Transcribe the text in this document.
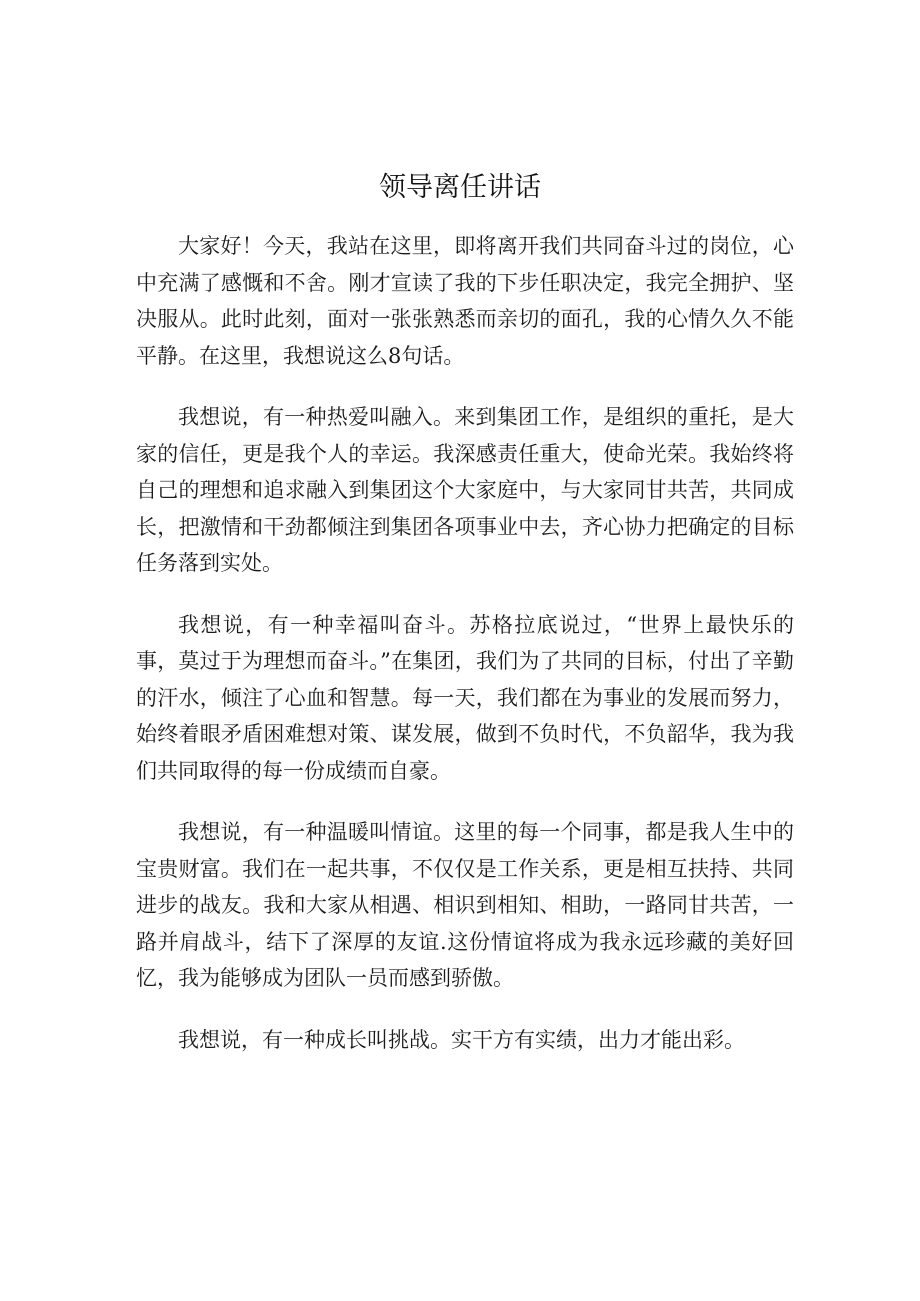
领导离任讲话

大家好！今天，我站在这里，即将离开我们共同奋斗过的岗位，心中充满了感慨和不舍。刚才宣读了我的下步任职决定，我完全拥护、坚决服从。此时此刻，面对一张张熟悉而亲切的面孔，我的心情久久不能平静。在这里，我想说这么8句话。

我想说，有一种热爱叫融入。来到集团工作，是组织的重托，是大家的信任，更是我个人的幸运。我深感责任重大，使命光荣。我始终将自己的理想和追求融入到集团这个大家庭中，与大家同甘共苦，共同成长，把激情和干劲都倾注到集团各项事业中去，齐心协力把确定的目标任务落到实处。

我想说，有一种幸福叫奋斗。苏格拉底说过，“世界上最快乐的事，莫过于为理想而奋斗。”在集团，我们为了共同的目标，付出了辛勤的汗水，倾注了心血和智慧。每一天，我们都在为事业的发展而努力，始终着眼矛盾困难想对策、谋发展，做到不负时代，不负韶华，我为我们共同取得的每一份成绩而自豪。

我想说，有一种温暖叫情谊。这里的每一个同事，都是我人生中的宝贵财富。我们在一起共事，不仅仅是工作关系，更是相互扶持、共同进步的战友。我和大家从相遇、相识到相知、相助，一路同甘共苦，一路并肩战斗，结下了深厚的友谊.这份情谊将成为我永远珍藏的美好回忆，我为能够成为团队一员而感到骄傲。

我想说，有一种成长叫挑战。实干方有实绩，出力才能出彩。
